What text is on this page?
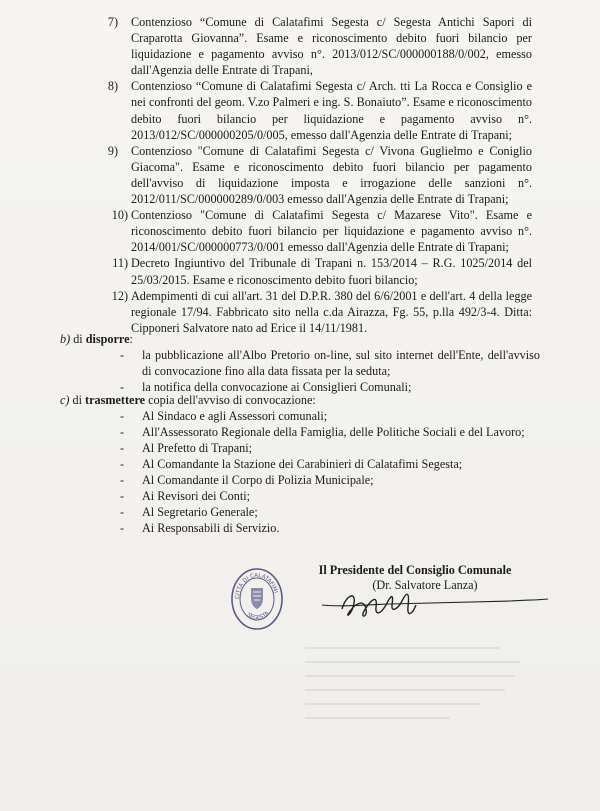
7) Contenzioso “Comune di Calatafimi Segesta c/ Segesta Antichi Sapori di Craparotta Giovanna”. Esame e riconoscimento debito fuori bilancio per liquidazione e pagamento avviso n°. 2013/012/SC/000000188/0/002, emesso dall'Agenzia delle Entrate di Trapani,
8) Contenzioso “Comune di Calatafimi Segesta c/ Arch. tti La Rocca e Consiglio e nei confronti del geom. V.zo Palmeri e ing. S. Bonaiuto”. Esame e riconoscimento debito fuori bilancio per liquidazione e pagamento avviso n°. 2013/012/SC/000000205/0/005, emesso dall'Agenzia delle Entrate di Trapani;
9) Contenzioso "Comune di Calatafimi Segesta c/ Vivona Guglielmo e Coniglio Giacoma". Esame e riconoscimento debito fuori bilancio per pagamento dell'avviso di liquidazione imposta e irrogazione delle sanzioni n°. 2012/011/SC/000000289/0/003 emesso dall'Agenzia delle Entrate di Trapani;
10) Contenzioso "Comune di Calatafimi Segesta c/ Mazarese Vito". Esame e riconoscimento debito fuori bilancio per liquidazione e pagamento avviso n°. 2014/001/SC/000000773/0/001 emesso dall'Agenzia delle Entrate di Trapani;
11) Decreto Ingiuntivo del Tribunale di Trapani n. 153/2014 – R.G. 1025/2014 del 25/03/2015. Esame e riconoscimento debito fuori bilancio;
12) Adempimenti di cui all'art. 31 del D.P.R. 380 del 6/6/2001 e dell'art. 4 della legge regionale 17/94. Fabbricato sito nella c.da Airazza, Fg. 55, p.lla 492/3-4. Ditta: Cipponeri Salvatore nato ad Erice il 14/11/1981.
b) di disporre:
- la pubblicazione all'Albo Pretorio on-line, sul sito internet dell'Ente, dell'avviso di convocazione fino alla data fissata per la seduta;
- la notifica della convocazione ai Consiglieri Comunali;
c) di trasmettere copia dell'avviso di convocazione:
- Al Sindaco e agli Assessori comunali;
- All'Assessorato Regionale della Famiglia, delle Politiche Sociali e del Lavoro;
- Al Prefetto di Trapani;
- Al Comandante la Stazione dei Carabinieri di Calatafimi Segesta;
- Al Comandante il Corpo di Polizia Municipale;
- Ai Revisori dei Conti;
- Al Segretario Generale;
- Ai Responsabili di Servizio.
CITTÀ DI CALATAFIMI
SEGESTA
Il Presidente del Consiglio Comunale
(Dr. Salvatore Lanza)
